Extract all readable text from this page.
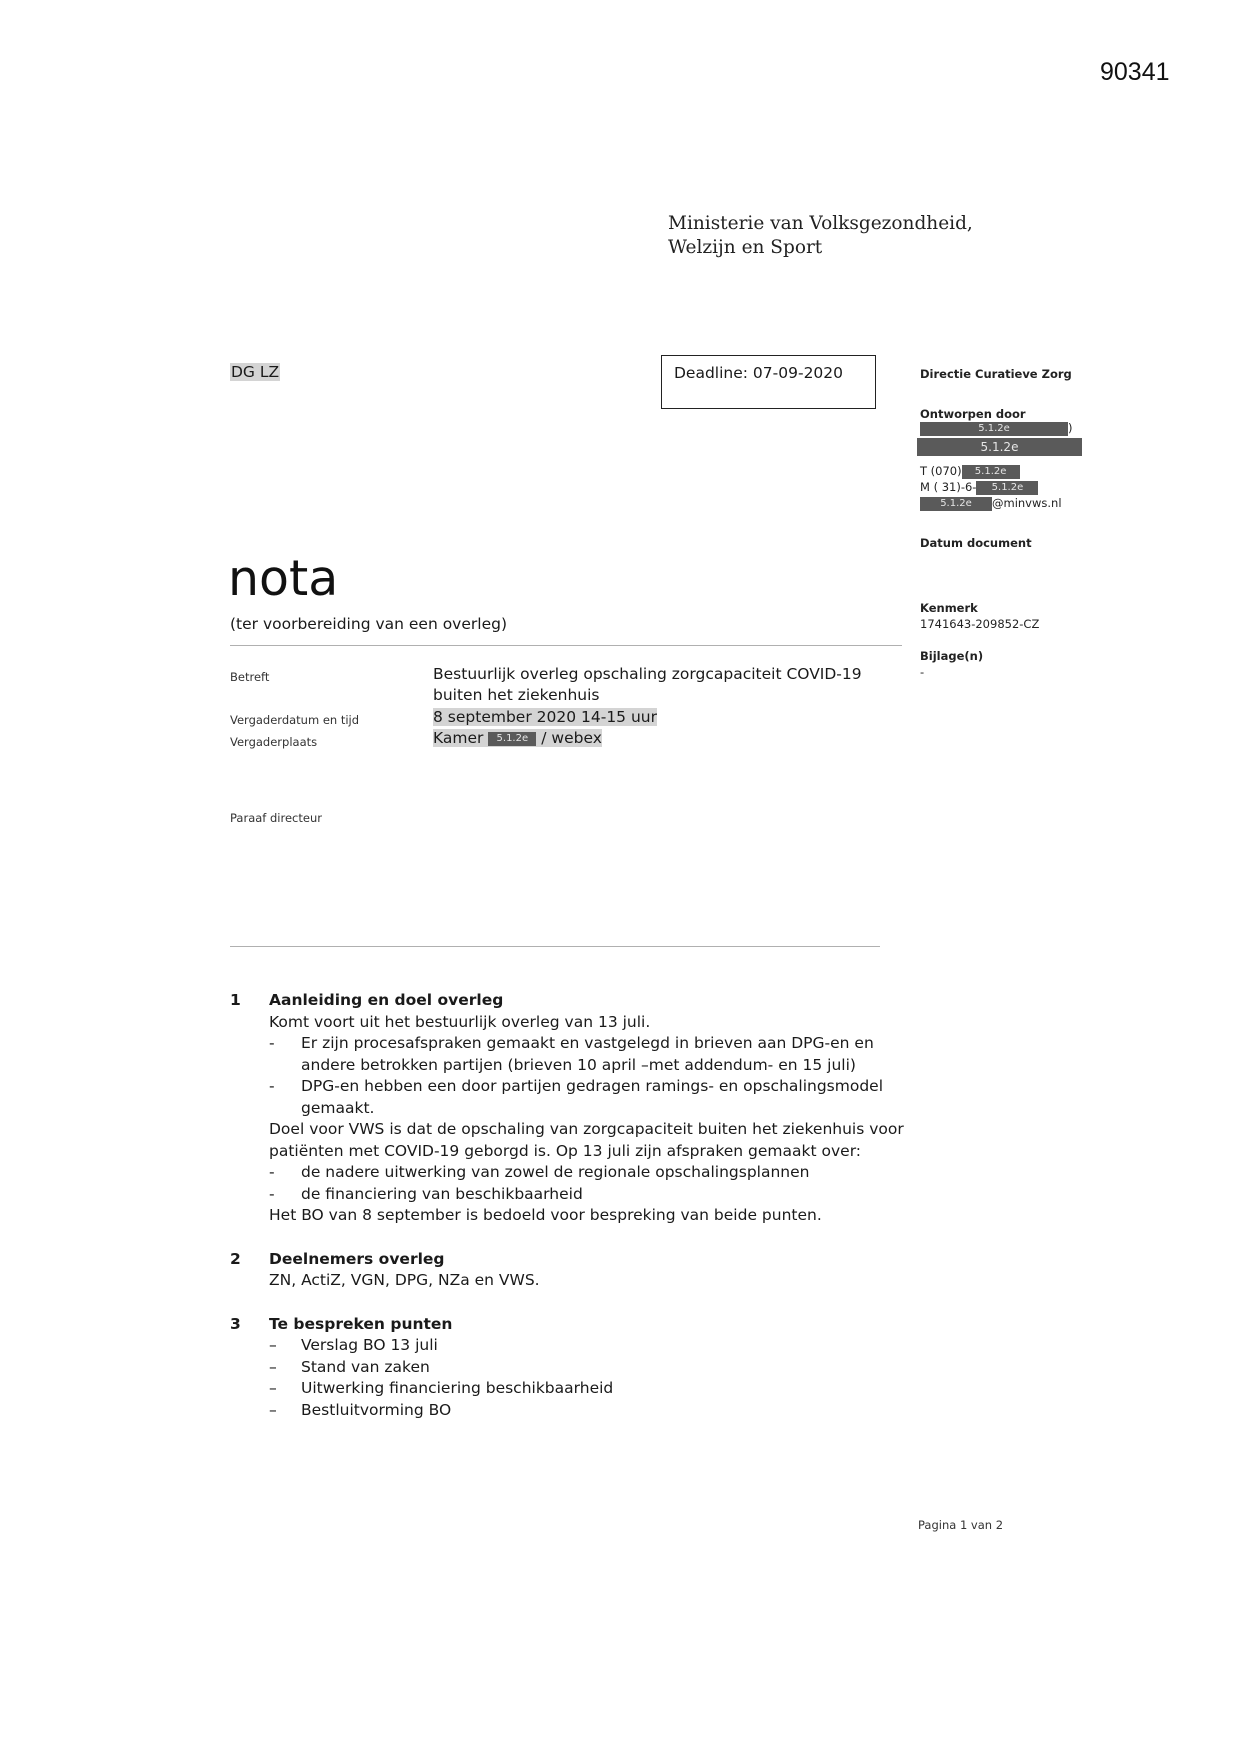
90341
Ministerie van Volksgezondheid,
Welzijn en Sport
DG LZ	Deadline: 07-09-2020	Directie Curatieve Zorg
Ontworpen door
5.1.2e	)
5.1.2e
T (070) 5.1.2e
M ( 31)-6- 5.1.2e
5.1.2e @minvws.nl
Datum document
Kenmerk
1741643-209852-CZ
Bijlage(n)
-
nota
(ter voorbereiding van een overleg)
Betreft	Bestuurlijk overleg opschaling zorgcapaciteit COVID-19
buiten het ziekenhuis
Vergaderdatum en tijd	8 september 2020 14-15 uur
Vergaderplaats	Kamer 5.1.2e / webex
Paraaf directeur
1 Aanleiding en doel overleg
Komt voort uit het bestuurlijk overleg van 13 juli.
- Er zijn procesafspraken gemaakt en vastgelegd in brieven aan DPG-en en andere betrokken partijen (brieven 10 april –met addendum- en 15 juli)
- DPG-en hebben een door partijen gedragen ramings- en opschalingsmodel gemaakt.
Doel voor VWS is dat de opschaling van zorgcapaciteit buiten het ziekenhuis voor patiënten met COVID-19 geborgd is. Op 13 juli zijn afspraken gemaakt over:
- de nadere uitwerking van zowel de regionale opschalingsplannen
- de financiering van beschikbaarheid
Het BO van 8 september is bedoeld voor bespreking van beide punten.
2 Deelnemers overleg
ZN, ActiZ, VGN, DPG, NZa en VWS.
3 Te bespreken punten
– Verslag BO 13 juli
– Stand van zaken
– Uitwerking financiering beschikbaarheid
– Bestluitvorming BO
Pagina 1 van 2
